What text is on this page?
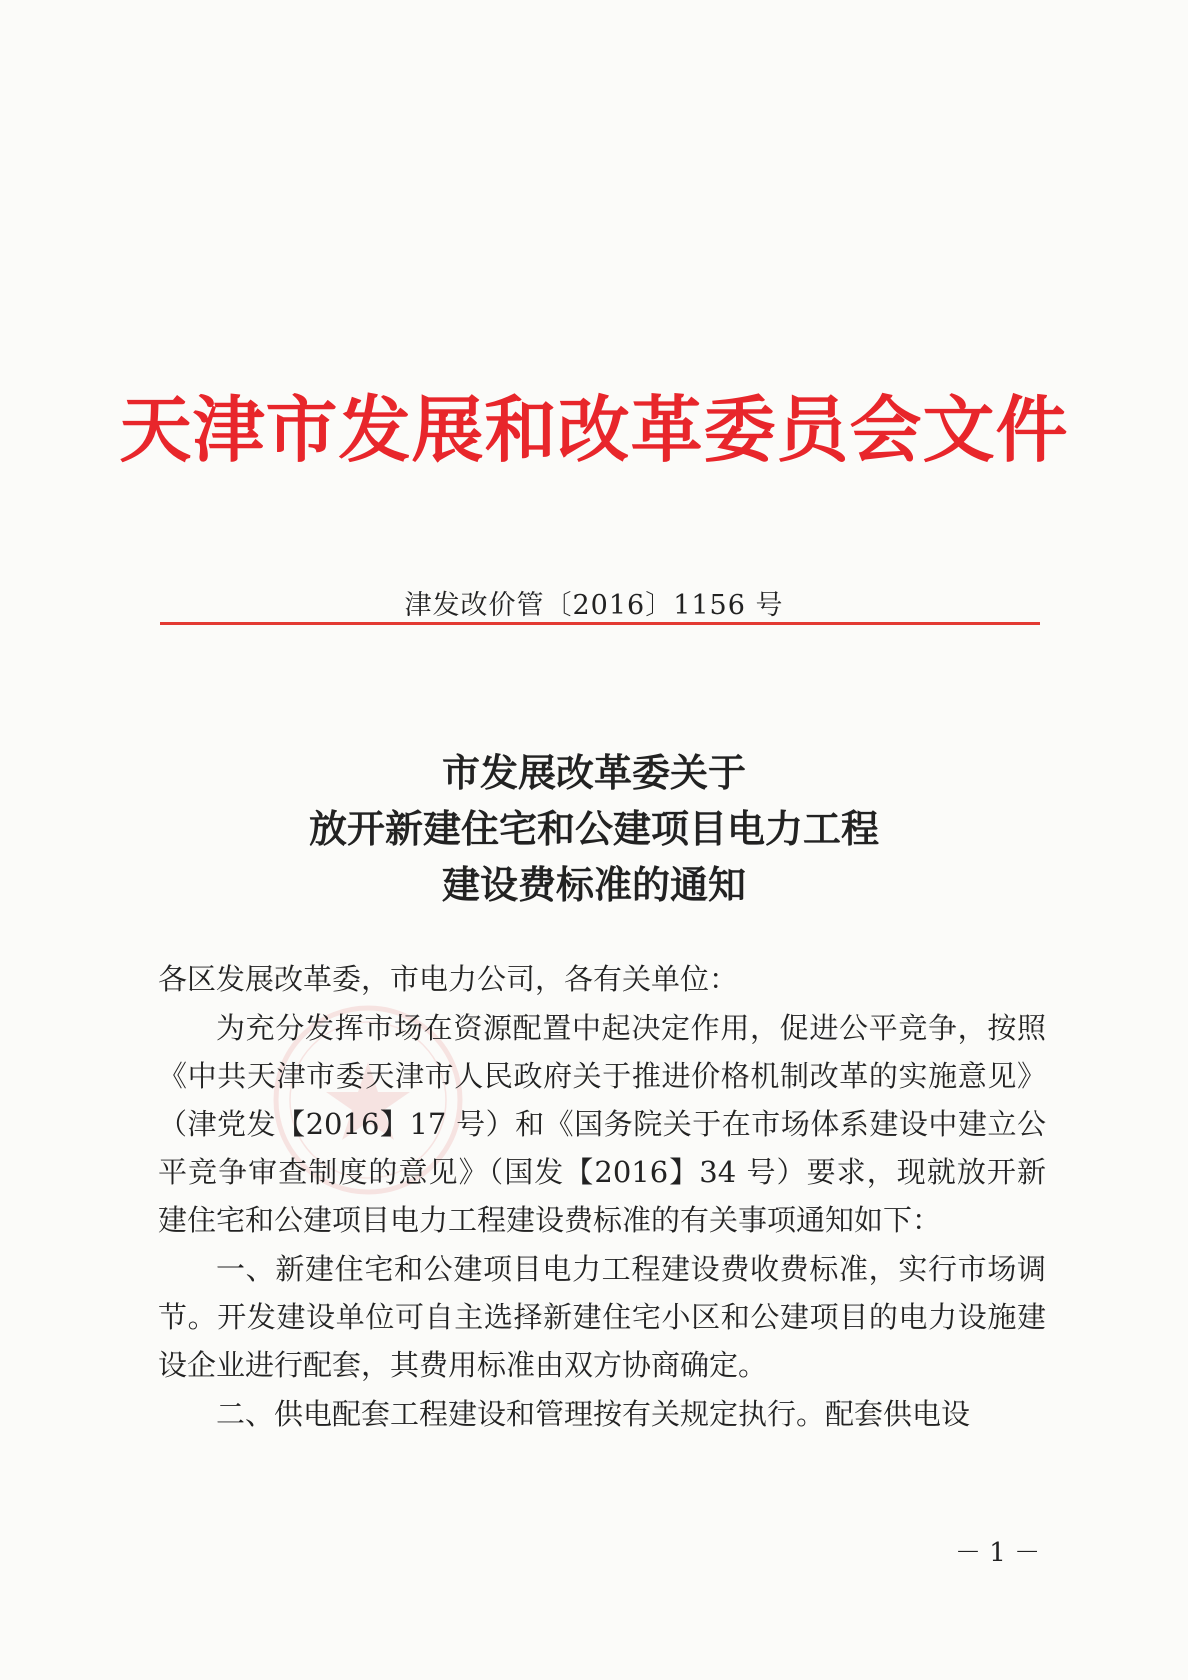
天津市发展和改革委员会文件
津发改价管〔2016〕1156 号
市发展改革委关于
放开新建住宅和公建项目电力工程
建设费标准的通知

各区发展改革委，市电力公司，各有关单位：

为充分发挥市场在资源配置中起决定作用，促进公平竞争，按照《中共天津市委天津市人民政府关于推进价格机制改革的实施意见》（津党发【2016】17 号）和《国务院关于在市场体系建设中建立公平竞争审查制度的意见》（国发【2016】34 号）要求，现就放开新建住宅和公建项目电力工程建设费标准的有关事项通知如下：

一、新建住宅和公建项目电力工程建设费收费标准，实行市场调节。开发建设单位可自主选择新建住宅小区和公建项目的电力设施建设企业进行配套，其费用标准由双方协商确定。

二、供电配套工程建设和管理按有关规定执行。配套供电设

－ 1 －
